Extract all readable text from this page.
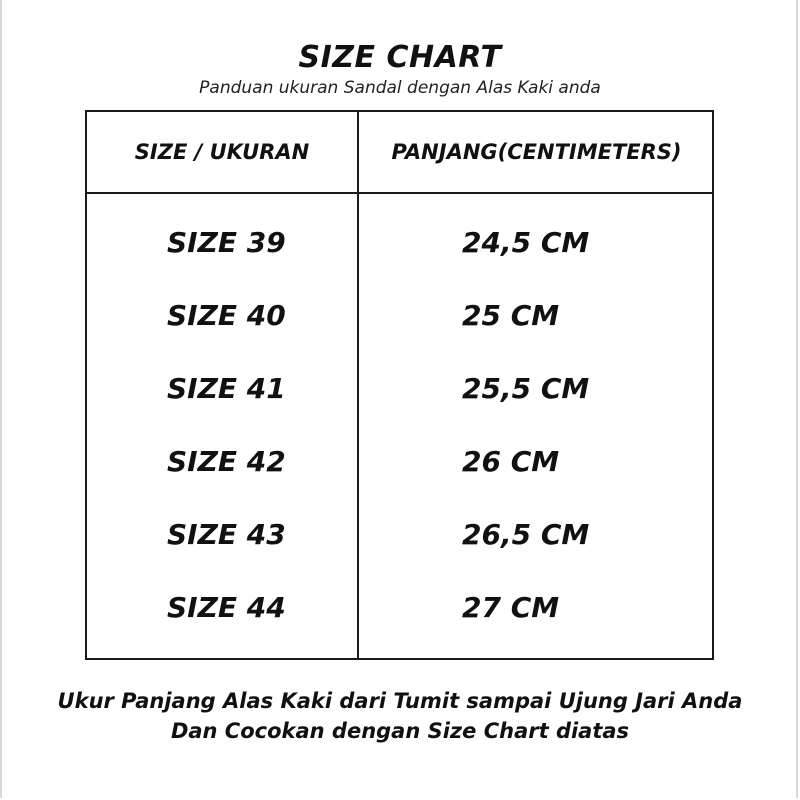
SIZE CHART
Panduan ukuran Sandal dengan Alas Kaki anda
SIZE / UKURAN	PANJANG(CENTIMETERS)
SIZE 39	24,5 CM
SIZE 40	25 CM
SIZE 41	25,5 CM
SIZE 42	26 CM
SIZE 43	26,5 CM
SIZE 44	27 CM
Ukur Panjang Alas Kaki dari Tumit sampai Ujung Jari Anda
Dan Cocokan dengan Size Chart diatas
